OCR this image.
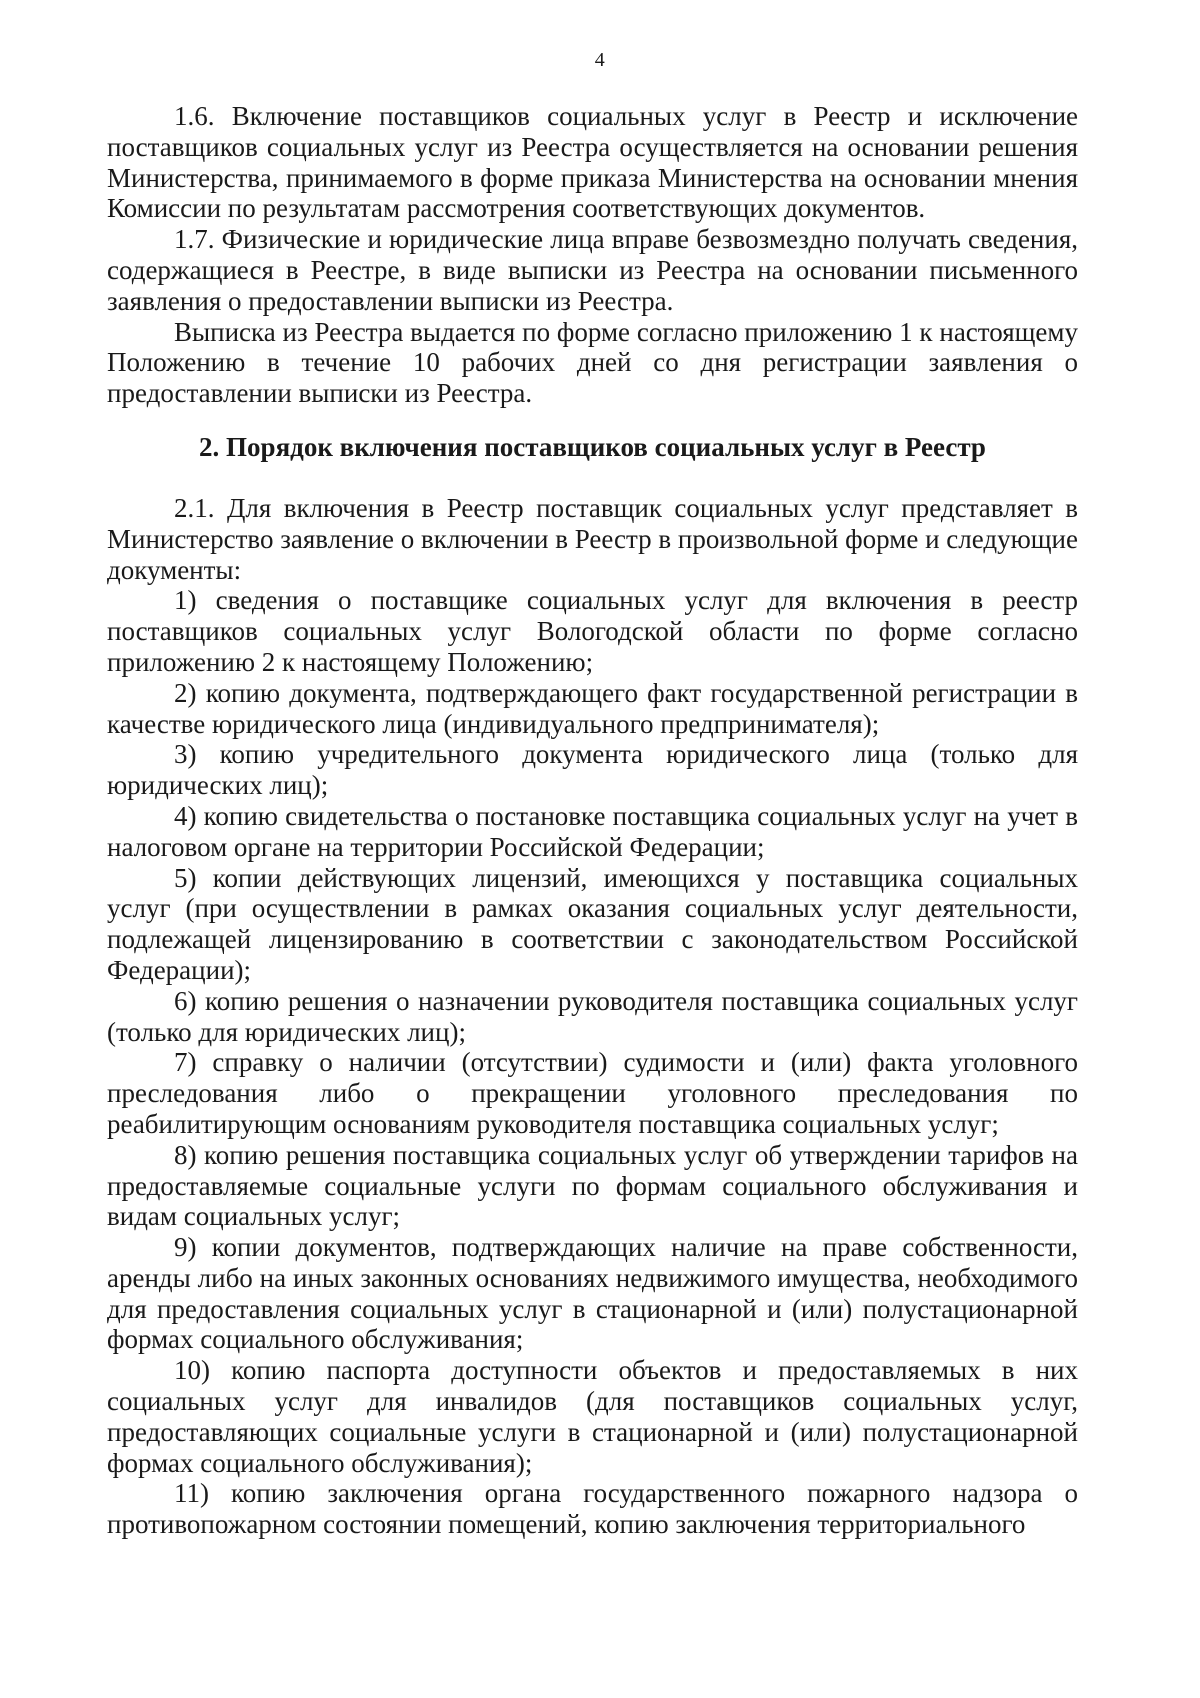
4

1.6. Включение поставщиков социальных услуг в Реестр и исключение поставщиков социальных услуг из Реестра осуществляется на основании решения Министерства, принимаемого в форме приказа Министерства на основании мнения Комиссии по результатам рассмотрения соответствующих документов.

1.7. Физические и юридические лица вправе безвозмездно получать сведения, содержащиеся в Реестре, в виде выписки из Реестра на основании письменного заявления о предоставлении выписки из Реестра.

Выписка из Реестра выдается по форме согласно приложению 1 к настоящему Положению в течение 10 рабочих дней со дня регистрации заявления о предоставлении выписки из Реестра.

2. Порядок включения поставщиков социальных услуг в Реестр

2.1. Для включения в Реестр поставщик социальных услуг представляет в Министерство заявление о включении в Реестр в произвольной форме и следующие документы:

1) сведения о поставщике социальных услуг для включения в реестр поставщиков социальных услуг Вологодской области по форме согласно приложению 2 к настоящему Положению;

2) копию документа, подтверждающего факт государственной регистрации в качестве юридического лица (индивидуального предпринимателя);

3) копию учредительного документа юридического лица (только для юридических лиц);

4) копию свидетельства о постановке поставщика социальных услуг на учет в налоговом органе на территории Российской Федерации;

5) копии действующих лицензий, имеющихся у поставщика социальных услуг (при осуществлении в рамках оказания социальных услуг деятельности, подлежащей лицензированию в соответствии с законодательством Российской Федерации);

6) копию решения о назначении руководителя поставщика социальных услуг (только для юридических лиц);

7) справку о наличии (отсутствии) судимости и (или) факта уголовного преследования либо о прекращении уголовного преследования по реабилитирующим основаниям руководителя поставщика социальных услуг;

8) копию решения поставщика социальных услуг об утверждении тарифов на предоставляемые социальные услуги по формам социального обслуживания и видам социальных услуг;

9) копии документов, подтверждающих наличие на праве собственности, аренды либо на иных законных основаниях недвижимого имущества, необходимого для предоставления социальных услуг в стационарной и (или) полустационарной формах социального обслуживания;

10) копию паспорта доступности объектов и предоставляемых в них социальных услуг для инвалидов (для поставщиков социальных услуг, предоставляющих социальные услуги в стационарной и (или) полустационарной формах социального обслуживания);

11) копию заключения органа государственного пожарного надзора о противопожарном состоянии помещений, копию заключения территориального
